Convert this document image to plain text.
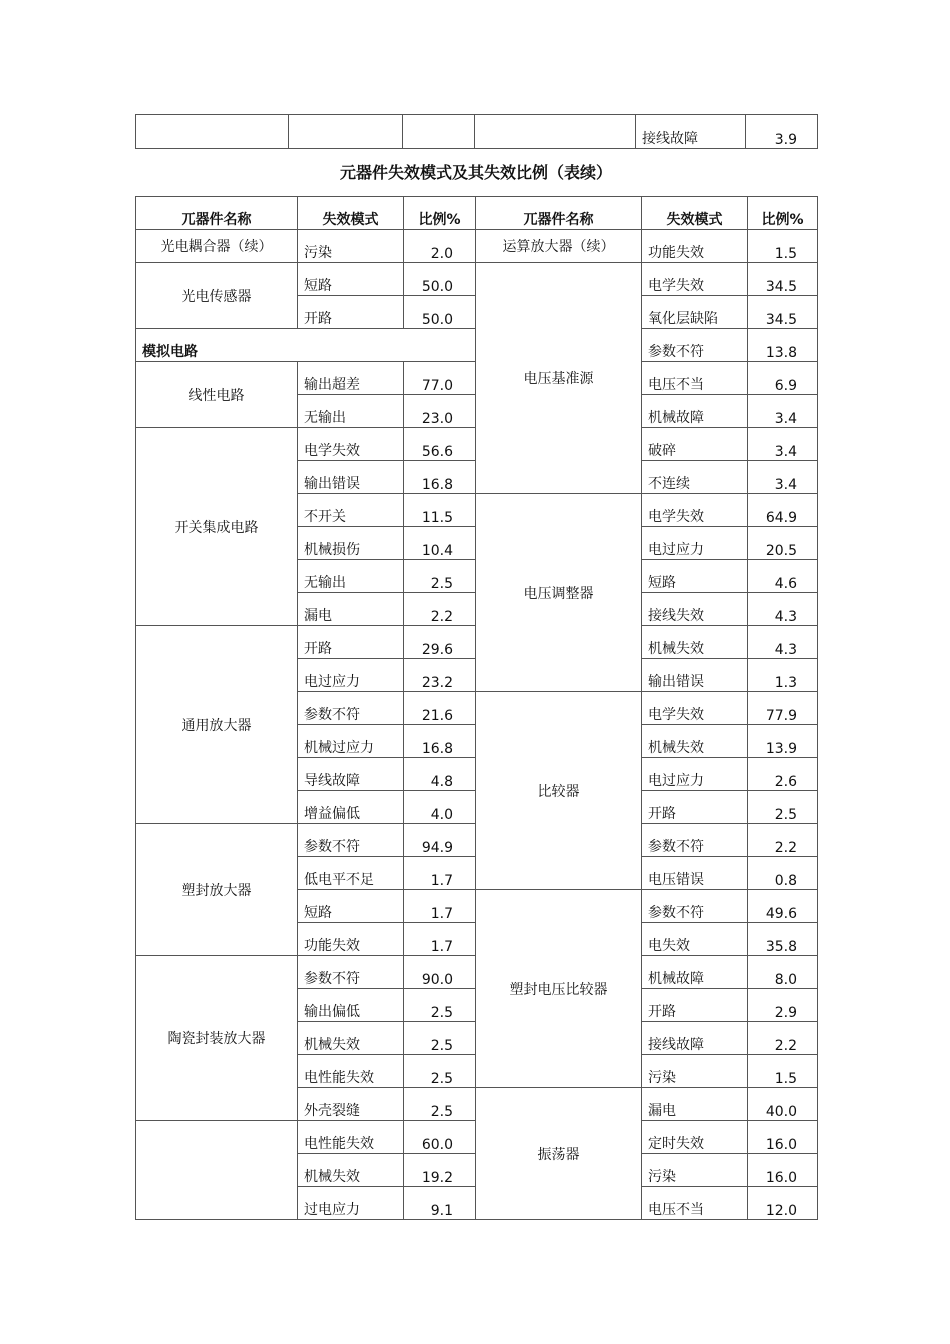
				接线故障	3.9
元器件失效模式及其失效比例（表续）
兀器件名称	失效模式	比例%	兀器件名称	失效模式	比例%
光电耦合器（续）	污染	2.0	运算放大器（续）	功能失效	1.5
光电传感器	短路	50.0	电压基准源	电学失效	34.5
	开路	50.0		氧化层缺陷	34.5
模拟电路				参数不符	13.8
线性电路	输出超差	77.0		电压不当	6.9
	无输出	23.0		机械故障	3.4
开关集成电路	电学失效	56.6		破碎	3.4
	输出错误	16.8		不连续	3.4
	不开关	11.5	电压调整器	电学失效	64.9
	机械损伤	10.4		电过应力	20.5
	无输出	2.5		短路	4.6
	漏电	2.2		接线失效	4.3
通用放大器	开路	29.6		机械失效	4.3
	电过应力	23.2		输出错误	1.3
	参数不符	21.6	比较器	电学失效	77.9
	机械过应力	16.8		机械失效	13.9
	导线故障	4.8		电过应力	2.6
	增益偏低	4.0		开路	2.5
塑封放大器	参数不符	94.9		参数不符	2.2
	低电平不足	1.7		电压错误	0.8
	短路	1.7	塑封电压比较器	参数不符	49.6
	功能失效	1.7		电失效	35.8
陶瓷封装放大器	参数不符	90.0		机械故障	8.0
	输出偏低	2.5		开路	2.9
	机械失效	2.5		接线故障	2.2
	电性能失效	2.5		污染	1.5
	外壳裂缝	2.5	振荡器	漏电	40.0
	电性能失效	60.0		定时失效	16.0
	机械失效	19.2		污染	16.0
	过电应力	9.1		电压不当	12.0
